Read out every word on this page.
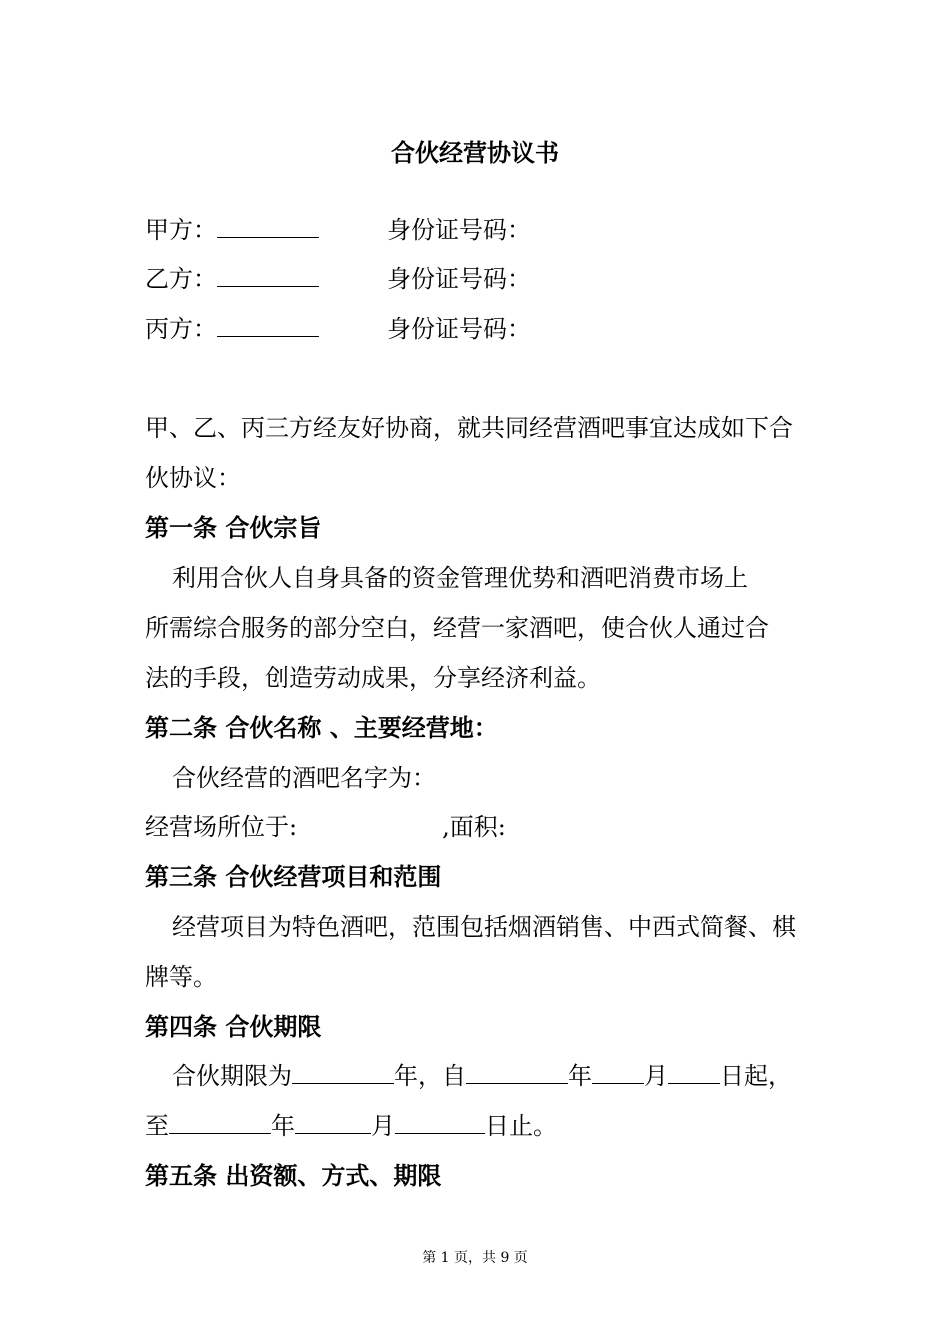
合伙经营协议书
甲方：	身份证号码：
乙方：	身份证号码：
丙方：	身份证号码：
甲、乙、丙三方经友好协商，就共同经营酒吧事宜达成如下合
伙协议：
第一条 合伙宗旨
利用合伙人自身具备的资金管理优势和酒吧消费市场上
所需综合服务的部分空白，经营一家酒吧，使合伙人通过合
法的手段，创造劳动成果，分享经济利益。
第二条 合伙名称 、主要经营地：
合伙经营的酒吧名字为：
经营场所位于:	,面积:
第三条 合伙经营项目和范围
经营项目为特色酒吧，范围包括烟酒销售、中西式简餐、棋
牌等。
第四条 合伙期限
合伙期限为	年，自	年 月 日起，
至	年	月	日止。
第五条 出资额、方式、期限
第 1 页，共 9 页
